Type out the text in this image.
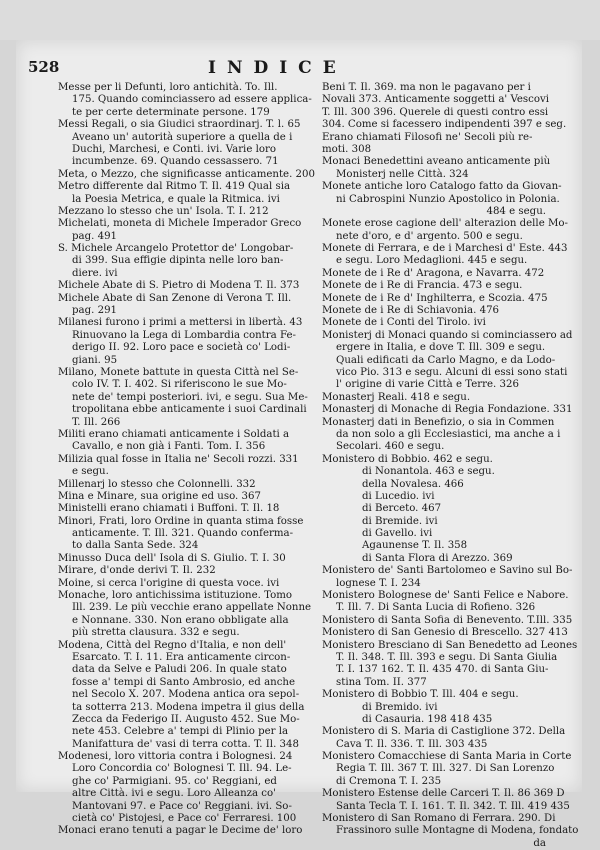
528	INDICE
Messe per li Defunti, loro antichità. To. Ill.
175. Quando cominciassero ad essere applica-
te per certe determinate persone. 179
Messi Regali, o sia Giudici straordinarj. T. l. 65
Aveano un' autorità superiore a quella de i
Duchi, Marchesi, e Conti. ivi. Varie loro
incumbenze. 69. Quando cessassero. 71
Meta, o Mezzo, che significasse anticamente. 200
Metro differente dal Ritmo T. Il. 419 Qual sia
la Poesia Metrica, e quale la Ritmica. ivi
Mezzano lo stesso che un' Isola. T. I. 212
Michelati, moneta di Michele Imperador Greco
pag. 491
S. Michele Arcangelo Protettor de' Longobar-
di 399. Sua effigie dipinta nelle loro ban-
diere. ivi
Michele Abate di S. Pietro di Modena T. Il. 373
Michele Abate di San Zenone di Verona T. Ill.
pag. 291
Milanesi furono i primi a mettersi in libertà. 43
Rinuovano la Lega di Lombardia contra Fe-
derigo II. 92. Loro pace e società co' Lodi-
giani. 95
Milano, Monete battute in questa Città nel Se-
colo IV. T. I. 402. Si riferiscono le sue Mo-
nete de' tempi posteriori. ivi, e segu. Sua Me-
tropolitana ebbe anticamente i suoi Cardinali
T. Ill. 266
Militi erano chiamati anticamente i Soldati a
Cavallo, e non già i Fanti. Tom. I. 356
Milizia qual fosse in Italia ne' Secoli rozzi. 331
e segu.
Millenarj lo stesso che Colonnelli. 332
Mina e Minare, sua origine ed uso. 367
Ministelli erano chiamati i Buffoni. T. Il. 18
Minori, Frati, loro Ordine in quanta stima fosse
anticamente. T. Ill. 321. Quando conferma-
to dalla Santa Sede. 324
Minusso Duca dell' Isola di S. Giulio. T. I. 30
Mirare, d'onde derivi T. Il. 232
Moine, si cerca l'origine di questa voce. ivi
Monache, loro antichissima istituzione. Tomo
Ill. 239. Le più vecchie erano appellate Nonne
e Nonnane. 330. Non erano obbligate alla
più stretta clausura. 332 e segu.
Modena, Città del Regno d'Italia, e non dell'
Esarcato. T. I. 11. Era anticamente circon-
data da Selve e Paludi 206. In quale stato
fosse a' tempi di Santo Ambrosio, ed anche
nel Secolo X. 207. Modena antica ora sepol-
ta sotterra 213. Modena impetra il gius della
Zecca da Federigo II. Augusto 452. Sue Mo-
nete 453. Celebre a' tempi di Plinio per la
Manifattura de' vasi di terra cotta. T. Il. 348
Modenesi, loro vittoria contra i Bolognesi. 24
Loro Concordia co' Bolognesi T. Ill. 94. Le-
ghe co' Parmigiani. 95. co' Reggiani, ed
altre Città. ivi e segu. Loro Alleanza co'
Mantovani 97. e Pace co' Reggiani. ivi. So-
cietà co' Pistojesi, e Pace co' Ferraresi. 100
Monaci erano tenuti a pagar le Decime de' loro
Beni T. Il. 369. ma non le pagavano per i
Novali 373. Anticamente soggetti a' Vescovi
T. Ill. 300 396. Querele di questi contro essi
304. Come si facessero indipendenti 397 e seg.
Erano chiamati Filosofi ne' Secoli più re-
moti. 308
Monaci Benedettini aveano anticamente più
Monisterj nelle Città. 324
Monete antiche loro Catalogo fatto da Giovan-
ni Cabrospini Nunzio Apostolico in Polonia.
484 e segu.
Monete erose cagione dell' alterazion delle Mo-
nete d'oro, e d' argento. 500 e segu.
Monete di Ferrara, e de i Marchesi d' Este. 443
e segu. Loro Medaglioni. 445 e segu.
Monete de i Re d' Aragona, e Navarra. 472
Monete de i Re di Francia. 473 e segu.
Monete de i Re d' Inghilterra, e Scozia. 475
Monete de i Re di Schiavonia. 476
Monete de i Conti del Tirolo. ivi
Monisterj di Monaci quando si cominciassero ad
ergere in Italia, e dove T. Ill. 309 e segu.
Quali edificati da Carlo Magno, e da Lodo-
vico Pio. 313 e segu. Alcuni di essi sono stati
l' origine di varie Città e Terre. 326
Monasterj Reali. 418 e segu.
Monasterj di Monache di Regia Fondazione. 331
Monasterj dati in Benefizio, o sia in Commen
da non solo a gli Ecclesiastici, ma anche a i
Secolari. 460 e segu.
Monistero di Bobbio. 462 e segu.
di Nonantola. 463 e segu.
della Novalesa. 466
di Lucedio. ivi
di Berceto. 467
di Bremide. ivi
di Gavello. ivi
Agaunense T. Il. 358
di Santa Flora di Arezzo. 369
Monistero de' Santi Bartolomeo e Savino sul Bo-
lognese T. I. 234
Monistero Bolognese de' Santi Felice e Nabore.
T. Ill. 7. Di Santa Lucia di Rofieno. 326
Monistero di Santa Sofia di Benevento. T.Ill. 335
Monistero di San Genesio di Brescello. 327 413
Monistero Bresciano di San Benedetto ad Leones
T. Il. 348. T. Ill. 393 e segu. Di Santa Giulia
T. I. 137 162. T. Il. 435 470. di Santa Giu-
stina Tom. II. 377
Monistero di Bobbio T. Ill. 404 e segu.
di Bremido. ivi
di Casauria. 198 418 435
Monistero di S. Maria di Castiglione 372. Della
Cava T. Il. 336. T. Ill. 303 435
Monistero Comacchiese di Santa Maria in Corte
Regia T. Ill. 367 T. Ill. 327. Di San Lorenzo
di Cremona T. I. 235
Monistero Estense delle Carceri T. Il. 86 369 D
Santa Tecla T. I. 161. T. Il. 342. T. Ill. 419 435
Monistero di San Romano di Ferrara. 290. Di
Frassinoro sulle Montagne di Modena, fondato
da
